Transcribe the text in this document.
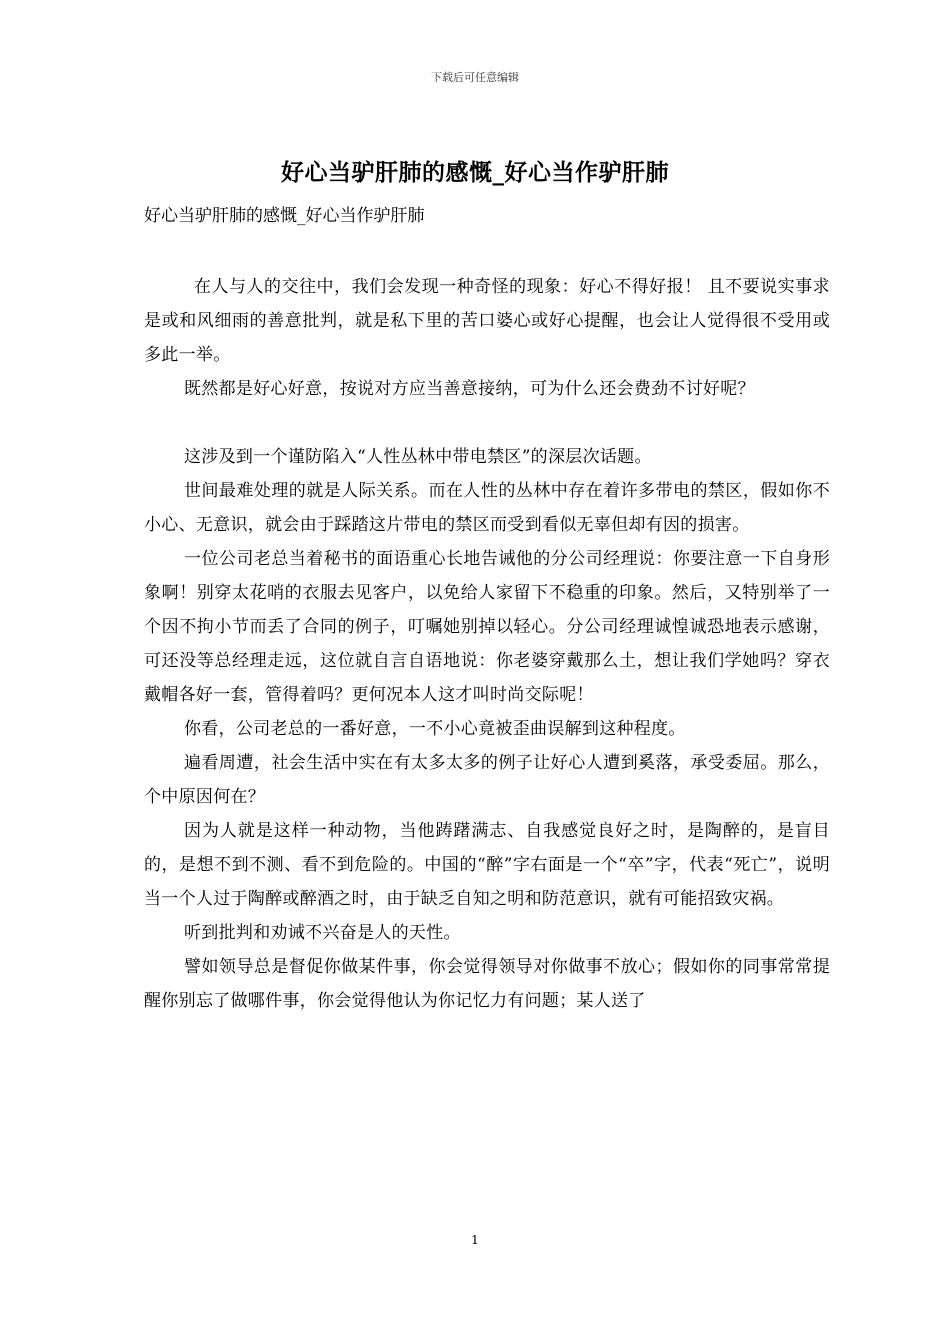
下载后可任意编辑
好心当驴肝肺的感慨_好心当作驴肝肺
好心当驴肝肺的感慨_好心当作驴肝肺

在人与人的交往中，我们会发现一种奇怪的现象：好心不得好报！ 且不要说实事求是或和风细雨的善意批判，就是私下里的苦口婆心或好心提醒，也会让人觉得很不受用或多此一举。

既然都是好心好意，按说对方应当善意接纳，可为什么还会费劲不讨好呢？

这涉及到一个谨防陷入“人性丛林中带电禁区”的深层次话题。

世间最难处理的就是人际关系。而在人性的丛林中存在着许多带电的禁区，假如你不小心、无意识，就会由于踩踏这片带电的禁区而受到看似无辜但却有因的损害。

一位公司老总当着秘书的面语重心长地告诫他的分公司经理说：你要注意一下自身形象啊！别穿太花哨的衣服去见客户，以免给人家留下不稳重的印象。然后，又特别举了一个因不拘小节而丢了合同的例子，叮嘱她别掉以轻心。分公司经理诚惶诚恐地表示感谢，可还没等总经理走远，这位就自言自语地说：你老婆穿戴那么土，想让我们学她吗？穿衣戴帽各好一套，管得着吗？更何况本人这才叫时尚交际呢！

你看，公司老总的一番好意，一不小心竟被歪曲误解到这种程度。

遍看周遭，社会生活中实在有太多太多的例子让好心人遭到奚落，承受委屈。那么，个中原因何在？

因为人就是这样一种动物，当他踌躇满志、自我感觉良好之时，是陶醉的，是盲目的，是想不到不测、看不到危险的。中国的“醉”字右面是一个“卒”字，代表“死亡”，说明当一个人过于陶醉或醉酒之时，由于缺乏自知之明和防范意识，就有可能招致灾祸。

听到批判和劝诫不兴奋是人的天性。

譬如领导总是督促你做某件事，你会觉得领导对你做事不放心；假如你的同事常常提醒你别忘了做哪件事，你会觉得他认为你记忆力有问题；某人送了

1
